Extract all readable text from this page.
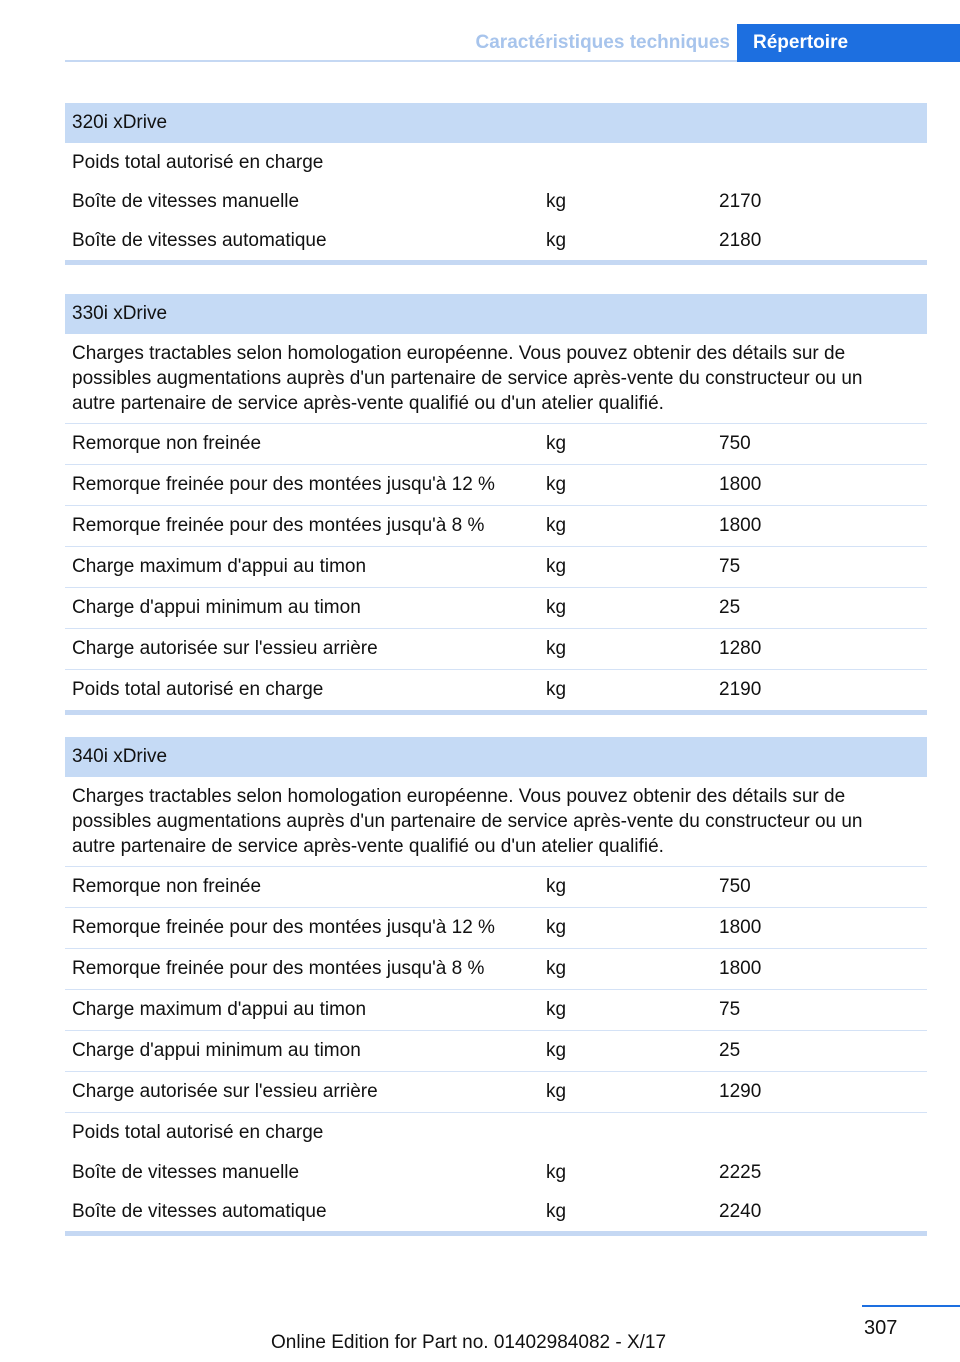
Caractéristiques techniques	Répertoire
320i xDrive
Poids total autorisé en charge
Boîte de vitesses manuelle	kg	2170
Boîte de vitesses automatique	kg	2180
330i xDrive
Charges tractables selon homologation européenne. Vous pouvez obtenir des détails sur de possibles augmentations auprès d'un partenaire de service après-vente du constructeur ou un autre partenaire de service après-vente qualifié ou d'un atelier qualifié.
Remorque non freinée	kg	750
Remorque freinée pour des montées jusqu'à 12 %	kg	1800
Remorque freinée pour des montées jusqu'à 8 %	kg	1800
Charge maximum d'appui au timon	kg	75
Charge d'appui minimum au timon	kg	25
Charge autorisée sur l'essieu arrière	kg	1280
Poids total autorisé en charge	kg	2190
340i xDrive
Charges tractables selon homologation européenne. Vous pouvez obtenir des détails sur de possibles augmentations auprès d'un partenaire de service après-vente du constructeur ou un autre partenaire de service après-vente qualifié ou d'un atelier qualifié.
Remorque non freinée	kg	750
Remorque freinée pour des montées jusqu'à 12 %	kg	1800
Remorque freinée pour des montées jusqu'à 8 %	kg	1800
Charge maximum d'appui au timon	kg	75
Charge d'appui minimum au timon	kg	25
Charge autorisée sur l'essieu arrière	kg	1290
Poids total autorisé en charge
Boîte de vitesses manuelle	kg	2225
Boîte de vitesses automatique	kg	2240
307
Online Edition for Part no. 01402984082 - X/17
